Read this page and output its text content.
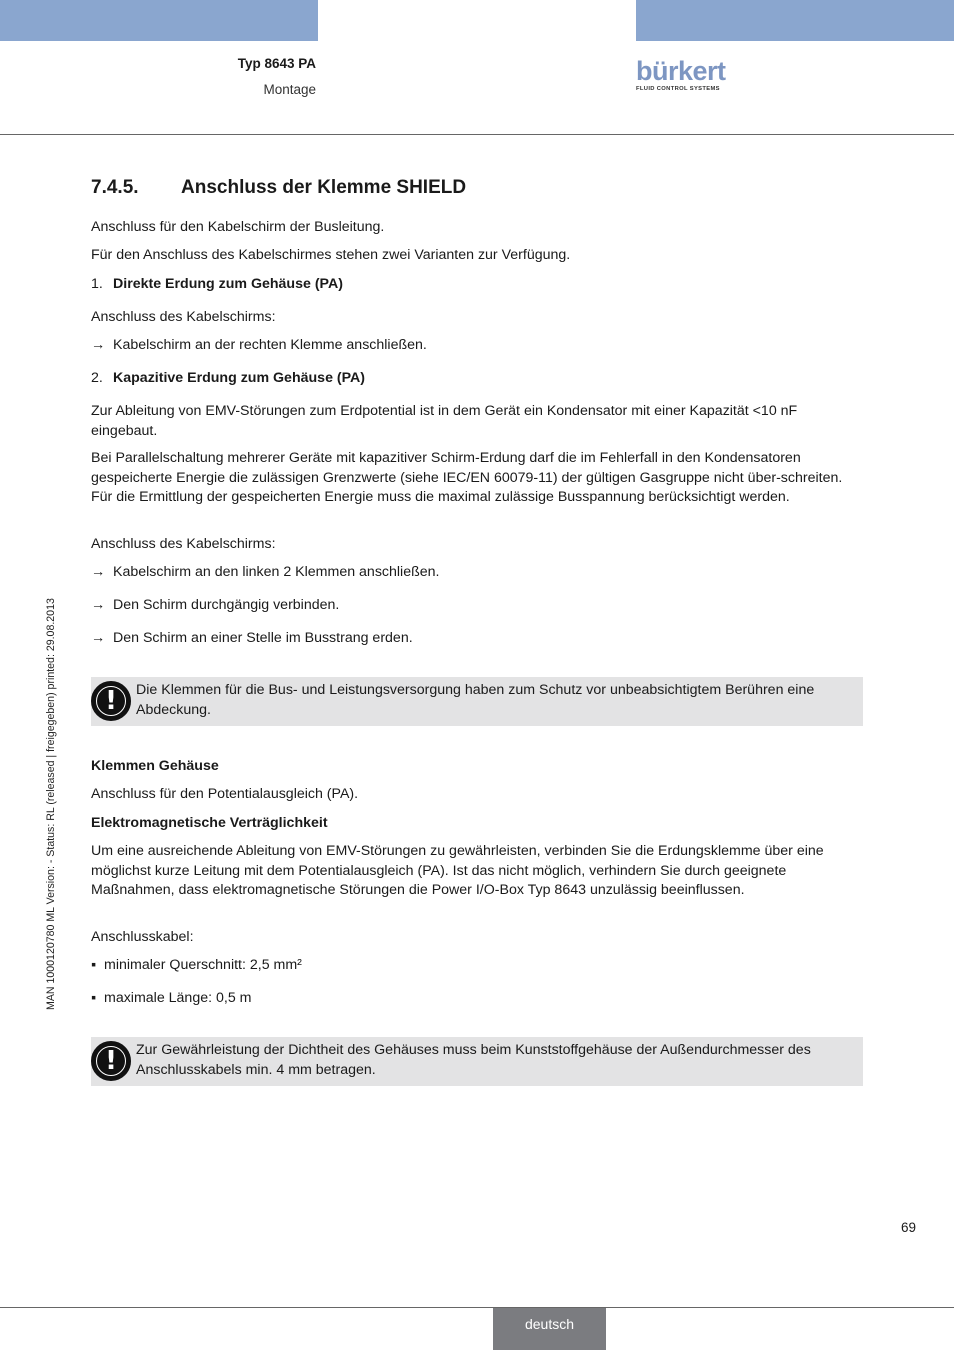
Typ 8643 PA
Montage
bürkert
FLUID CONTROL SYSTEMS
7.4.5. Anschluss der Klemme SHIELD
Anschluss für den Kabelschirm der Busleitung.
Für den Anschluss des Kabelschirmes stehen zwei Varianten zur Verfügung.
1. Direkte Erdung zum Gehäuse (PA)
Anschluss des Kabelschirms:
→ Kabelschirm an der rechten Klemme anschließen.
2. Kapazitive Erdung zum Gehäuse (PA)
Zur Ableitung von EMV-Störungen zum Erdpotential ist in dem Gerät ein Kondensator mit einer Kapazität <10 nF eingebaut.
Bei Parallelschaltung mehrerer Geräte mit kapazitiver Schirm-Erdung darf die im Fehlerfall in den Kondensatoren gespeicherte Energie die zulässigen Grenzwerte (siehe IEC/EN 60079-11) der gültigen Gasgruppe nicht über-schreiten. Für die Ermittlung der gespeicherten Energie muss die maximal zulässige Busspannung berücksichtigt werden.
Anschluss des Kabelschirms:
→ Kabelschirm an den linken 2 Klemmen anschließen.
→ Den Schirm durchgängig verbinden.
→ Den Schirm an einer Stelle im Busstrang erden.
Klemmen Gehäuse
Anschluss für den Potentialausgleich (PA).
Elektromagnetische Verträglichkeit
Um eine ausreichende Ableitung von EMV-Störungen zu gewährleisten, verbinden Sie die Erdungsklemme über eine möglichst kurze Leitung mit dem Potentialausgleich (PA). Ist das nicht möglich, verhindern Sie durch geeignete Maßnahmen, dass elektromagnetische Störungen die Power I/O-Box Typ 8643 unzulässig beeinflussen.
Anschlusskabel:
▪ minimaler Querschnitt: 2,5 mm²
▪ maximale Länge: 0,5 m
!	Die Klemmen für die Bus- und Leistungsversorgung haben zum Schutz vor unbeabsichtigtem Berühren eine Abdeckung.
!	Zur Gewährleistung der Dichtheit des Gehäuses muss beim Kunststoffgehäuse der Außendurchmesser des Anschlusskabels min. 4 mm betragen.
69
deutsch
MAN 1000120780 ML Version: - Status: RL (released | freigegeben) printed: 29.08.2013
